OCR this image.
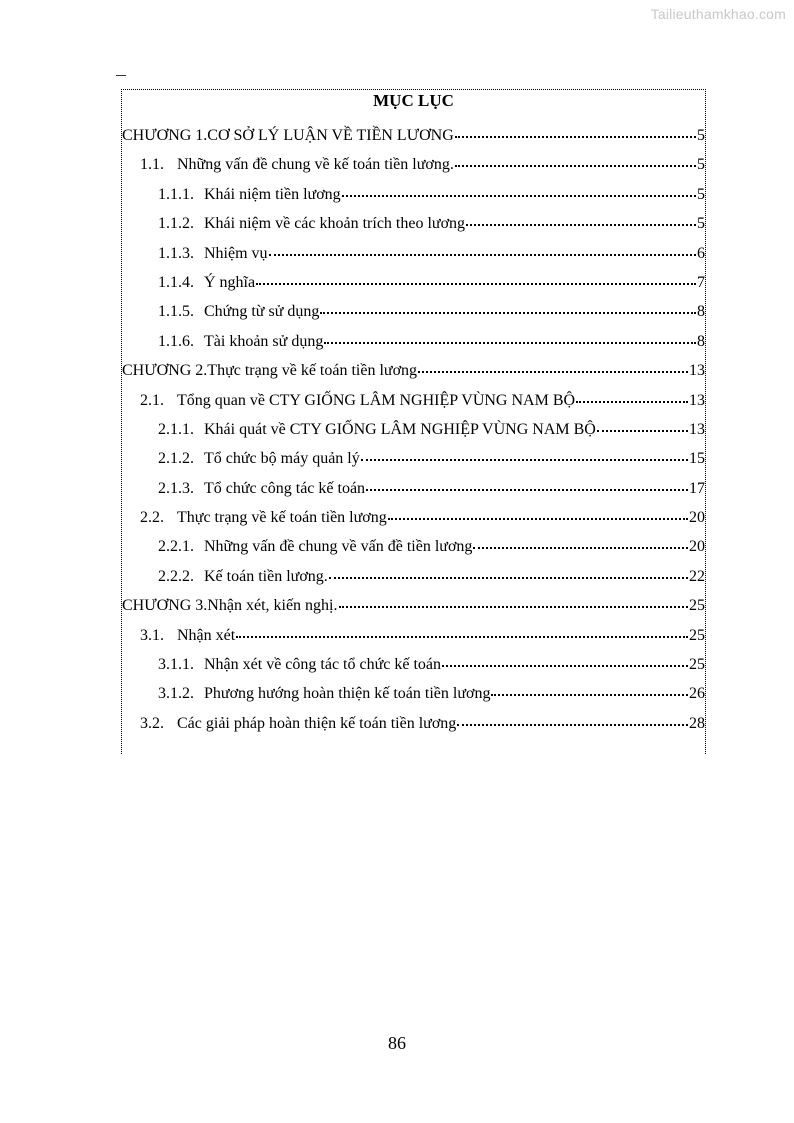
Tailieuthamkhao.com
MỤC LỤC
CHƯƠNG 1.CƠ SỞ LÝ LUẬN VỀ TIỀN LƯƠNG	5
1.1. Những vấn đề chung về kế toán tiền lương.	5
1.1.1. Khái niệm tiền lương	5
1.1.2. Khái niệm về các khoản trích theo lương	5
1.1.3. Nhiệm vụ	6
1.1.4. Ý nghĩa	7
1.1.5. Chứng từ sử dụng	8
1.1.6. Tài khoản sử dụng	8
CHƯƠNG 2.Thực trạng về kế toán tiền lương	13
2.1. Tổng quan về CTY GIỐNG LÂM NGHIỆP VÙNG NAM BỘ	13
2.1.1. Khái quát về CTY GIỐNG LÂM NGHIỆP VÙNG NAM BỘ	13
2.1.2. Tổ chức bộ máy quản lý	15
2.1.3. Tổ chức công tác kế toán	17
2.2. Thực trạng về kế toán tiền lương	20
2.2.1. Những vấn đề chung về vấn đề tiền lương	20
2.2.2. Kế toán tiền lương.	22
CHƯƠNG 3.Nhận xét, kiến nghị.	25
3.1. Nhận xét	25
3.1.1. Nhận xét về công tác tổ chức kế toán	25
3.1.2. Phương hướng hoàn thiện kế toán tiền lương	26
3.2. Các giải pháp hoàn thiện kế toán tiền lương	28
86
